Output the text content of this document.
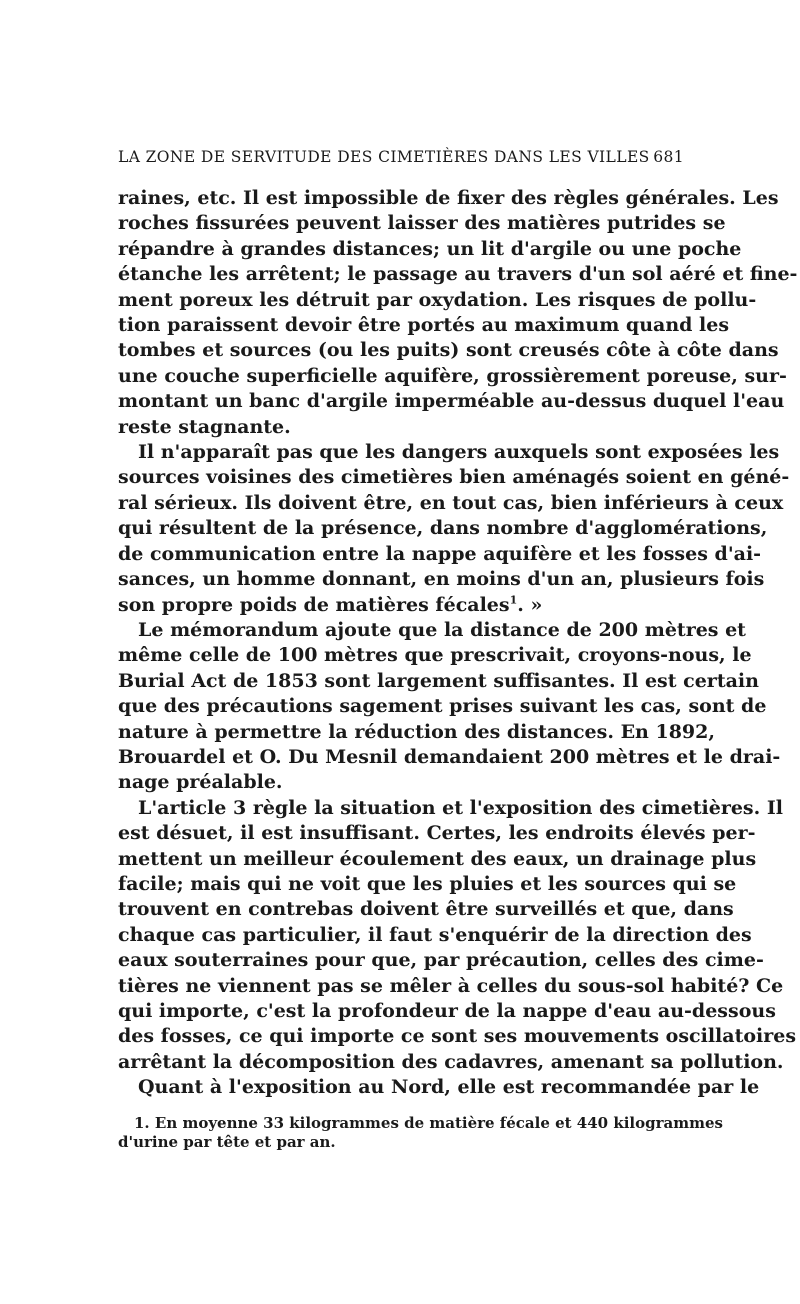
LA ZONE DE SERVITUDE DES CIMETIÈRES DANS LES VILLES 681
raines, etc. Il est impossible de fixer des règles générales. Les
roches fissurées peuvent laisser des matières putrides se
répandre à grandes distances; un lit d'argile ou une poche
étanche les arrêtent; le passage au travers d'un sol aéré et fine-
ment poreux les détruit par oxydation. Les risques de pollu-
tion paraissent devoir être portés au maximum quand les
tombes et sources (ou les puits) sont creusés côte à côte dans
une couche superficielle aquifère, grossièrement poreuse, sur-
montant un banc d'argile imperméable au-dessus duquel l'eau
reste stagnante.
Il n'apparaît pas que les dangers auxquels sont exposées les
sources voisines des cimetières bien aménagés soient en géné-
ral sérieux. Ils doivent être, en tout cas, bien inférieurs à ceux
qui résultent de la présence, dans nombre d'agglomérations,
de communication entre la nappe aquifère et les fosses d'ai-
sances, un homme donnant, en moins d'un an, plusieurs fois
son propre poids de matières fécales$^1$. »
Le mémorandum ajoute que la distance de 200 mètres et
même celle de 100 mètres que prescrivait, croyons-nous, le
Burial Act de 1853 sont largement suffisantes. Il est certain
que des précautions sagement prises suivant les cas, sont de
nature à permettre la réduction des distances. En 1892,
Brouardel et O. Du Mesnil demandaient 200 mètres et le drai-
nage préalable.
L'article 3 règle la situation et l'exposition des cimetières. Il
est désuet, il est insuffisant. Certes, les endroits élevés per-
mettent un meilleur écoulement des eaux, un drainage plus
facile; mais qui ne voit que les pluies et les sources qui se
trouvent en contrebas doivent être surveillés et que, dans
chaque cas particulier, il faut s'enquérir de la direction des
eaux souterraines pour que, par précaution, celles des cime-
tières ne viennent pas se mêler à celles du sous-sol habité? Ce
qui importe, c'est la profondeur de la nappe d'eau au-dessous
des fosses, ce qui importe ce sont ses mouvements oscillatoires
arrêtant la décomposition des cadavres, amenant sa pollution.
Quant à l'exposition au Nord, elle est recommandée par le
1. En moyenne 33 kilogrammes de matière fécale et 440 kilogrammes
d'urine par tête et par an.
